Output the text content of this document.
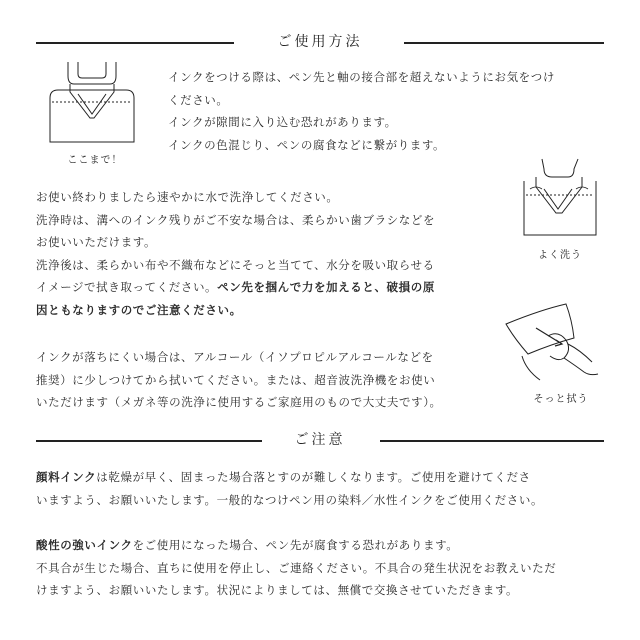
ご使用方法
ここまで！
インクをつける際は、ペン先と軸の接合部を超えないようにお気をつけ
ください。
インクが隙間に入り込む恐れがあります。
インクの色混じり、ペンの腐食などに繋がります。
よく洗う
お使い終わりましたら速やかに水で洗浄してください。
洗浄時は、溝へのインク残りがご不安な場合は、柔らかい歯ブラシなどを
お使いいただけます。
洗浄後は、柔らかい布や不織布などにそっと当てて、水分を吸い取らせる
イメージで拭き取ってください。ペン先を掴んで力を加えると、破損の原
因ともなりますのでご注意ください。
そっと拭う
インクが落ちにくい場合は、アルコール（イソプロピルアルコールなどを
推奨）に少しつけてから拭いてください。または、超音波洗浄機をお使い
いただけます（メガネ等の洗浄に使用するご家庭用のもので大丈夫です）。
ご注意
顔料インクは乾燥が早く、固まった場合落とすのが難しくなります。ご使用を避けてくださ
いますよう、お願いいたします。一般的なつけペン用の染料／水性インクをご使用ください。
酸性の強いインクをご使用になった場合、ペン先が腐食する恐れがあります。
不具合が生じた場合、直ちに使用を停止し、ご連絡ください。不具合の発生状況をお教えいただ
けますよう、お願いいたします。状況によりましては、無償で交換させていただきます。
